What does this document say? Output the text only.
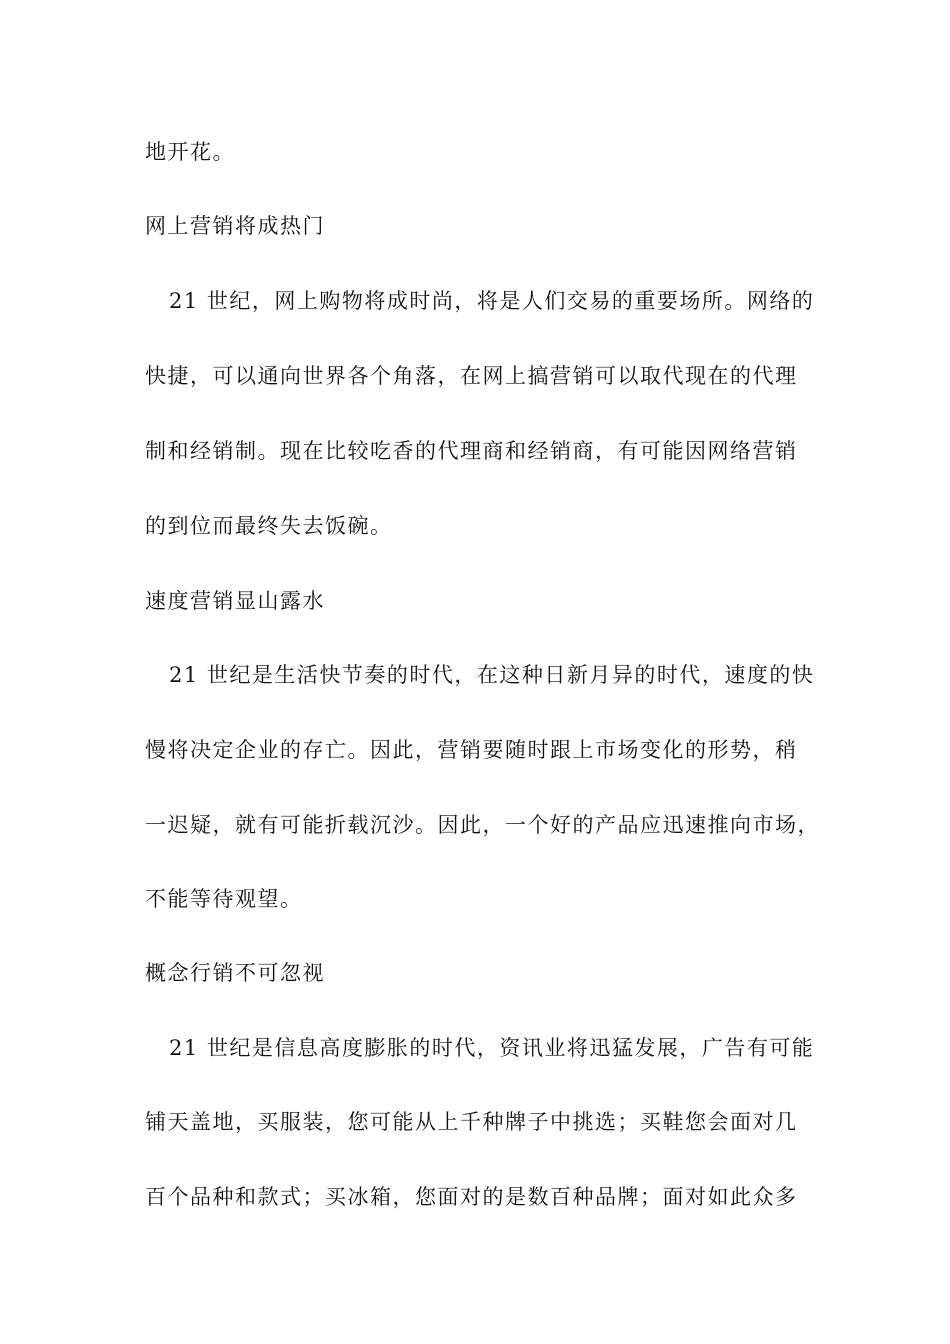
地开花。
网上营销将成热门
21 世纪，网上购物将成时尚，将是人们交易的重要场所。网络的
快捷，可以通向世界各个角落，在网上搞营销可以取代现在的代理
制和经销制。现在比较吃香的代理商和经销商，有可能因网络营销
的到位而最终失去饭碗。
速度营销显山露水
21 世纪是生活快节奏的时代，在这种日新月异的时代，速度的快
慢将决定企业的存亡。因此，营销要随时跟上市场变化的形势，稍
一迟疑，就有可能折载沉沙。因此，一个好的产品应迅速推向市场，
不能等待观望。
概念行销不可忽视
21 世纪是信息高度膨胀的时代，资讯业将迅猛发展，广告有可能
铺天盖地，买服装，您可能从上千种牌子中挑选；买鞋您会面对几
百个品种和款式；买冰箱，您面对的是数百种品牌；面对如此众多
